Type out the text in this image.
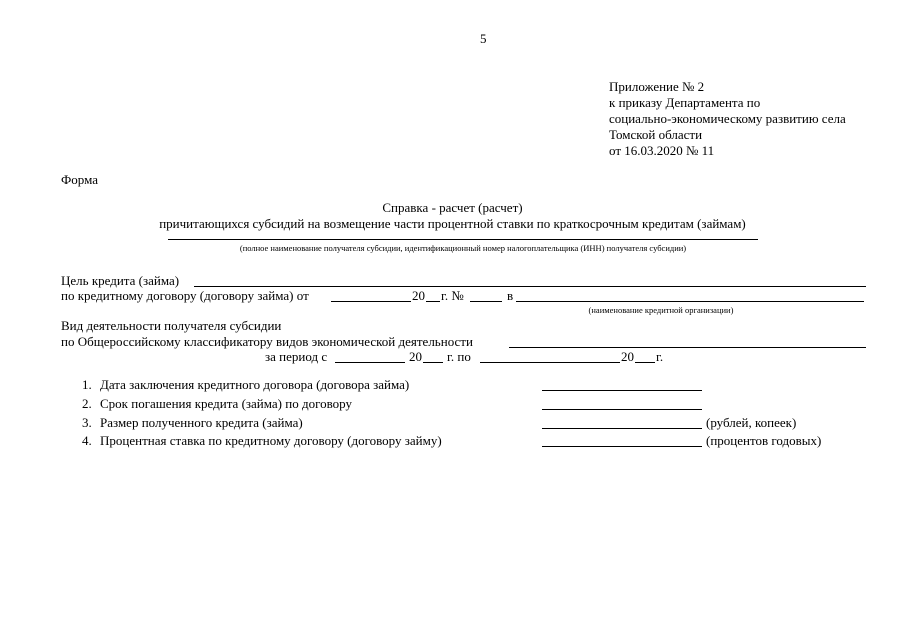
5
Приложение № 2
к приказу Департамента по
социально-экономическому развитию села
Томской области
от 16.03.2020 № 11
Форма
Справка - расчет (расчет)
причитающихся субсидий на возмещение части процентной ставки по краткосрочным кредитам (займам)
(полное наименование получателя субсидии, идентификационный номер налогоплательщика (ИНН) получателя субсидии)
Цель кредита (займа)
по кредитному договору (договору займа) от	20 г. №	в
(наименование кредитной организации)
Вид деятельности получателя субсидии
по Общероссийскому классификатору видов экономической деятельности
за период с	20 г. по	20 г.
1. Дата заключения кредитного договора (договора займа)
2. Срок погашения кредита (займа) по договору
3. Размер полученного кредита (займа)	(рублей, копеек)
4. Процентная ставка по кредитному договору (договору займу)	(процентов годовых)
